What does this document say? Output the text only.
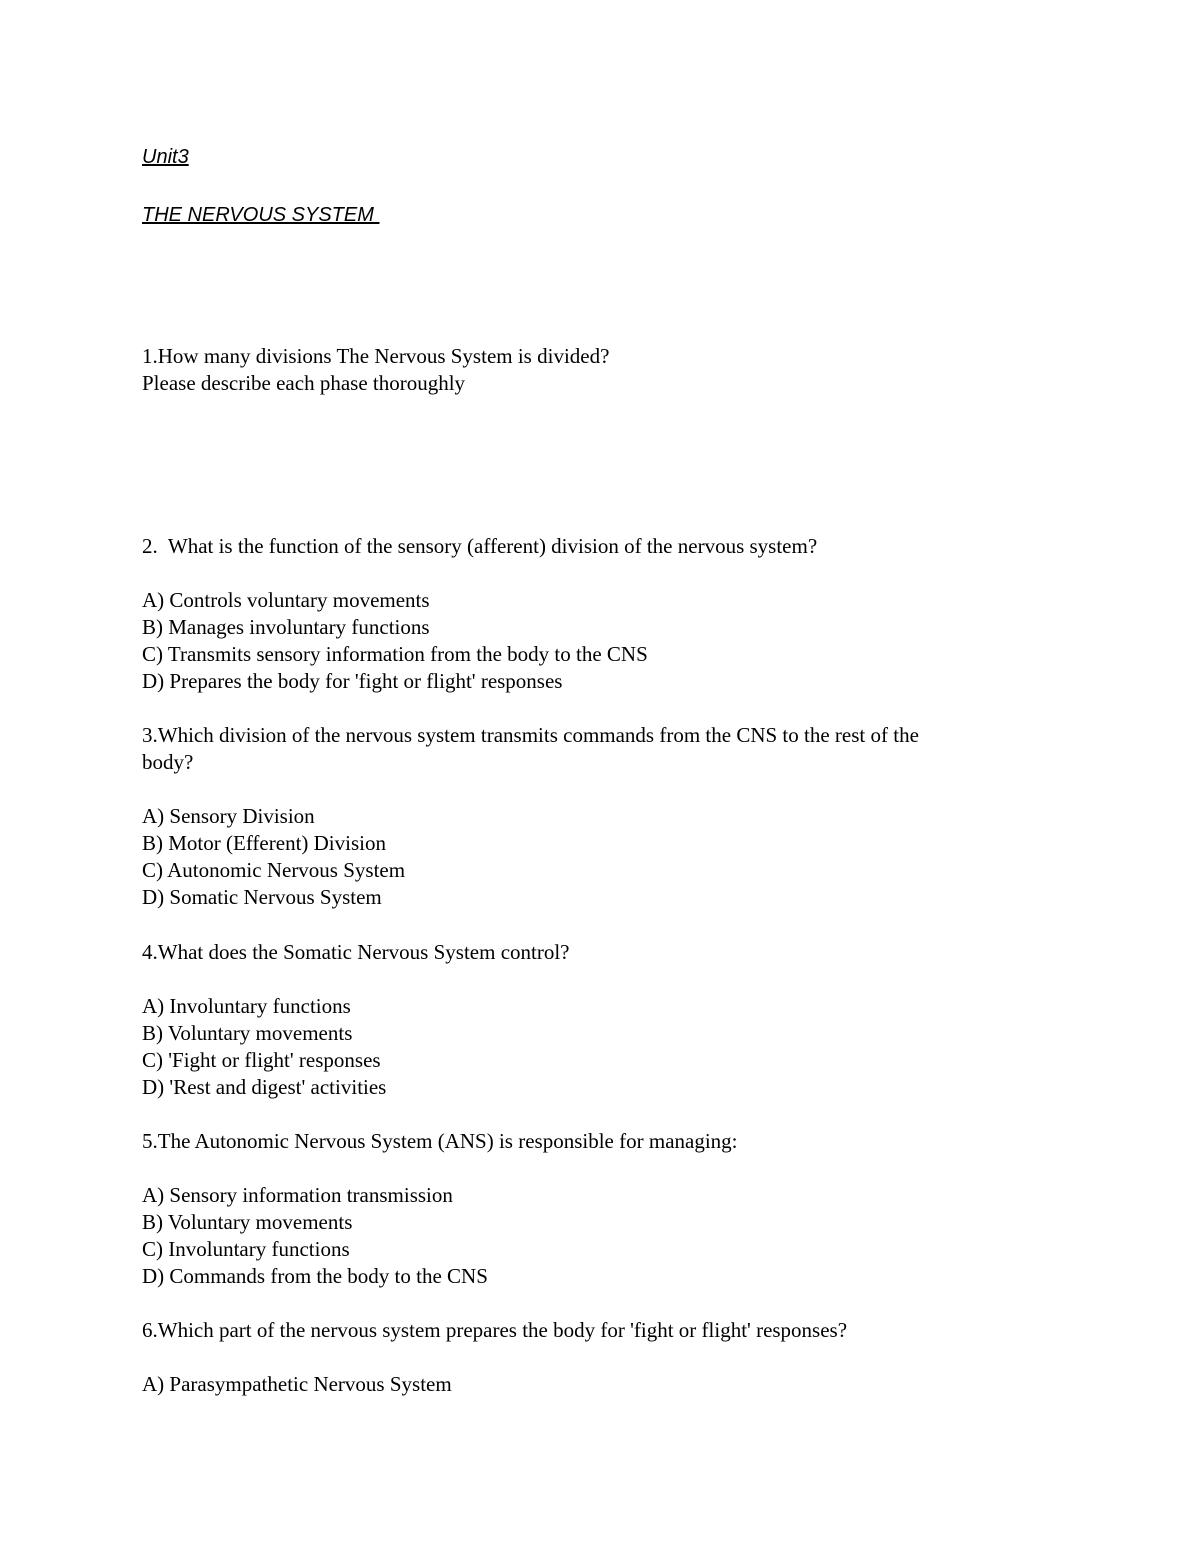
Unit3
THE NERVOUS SYSTEM
1.How many divisions The Nervous System is divided?
Please describe each phase thoroughly
2.  What is the function of the sensory (afferent) division of the nervous system?
A) Controls voluntary movements
B) Manages involuntary functions
C) Transmits sensory information from the body to the CNS
D) Prepares the body for 'fight or flight' responses
3.Which division of the nervous system transmits commands from the CNS to the rest of the
body?
A) Sensory Division
B) Motor (Efferent) Division
C) Autonomic Nervous System
D) Somatic Nervous System
4.What does the Somatic Nervous System control?
A) Involuntary functions
B) Voluntary movements
C) 'Fight or flight' responses
D) 'Rest and digest' activities
5.The Autonomic Nervous System (ANS) is responsible for managing:
A) Sensory information transmission
B) Voluntary movements
C) Involuntary functions
D) Commands from the body to the CNS
6.Which part of the nervous system prepares the body for 'fight or flight' responses?
A) Parasympathetic Nervous System
